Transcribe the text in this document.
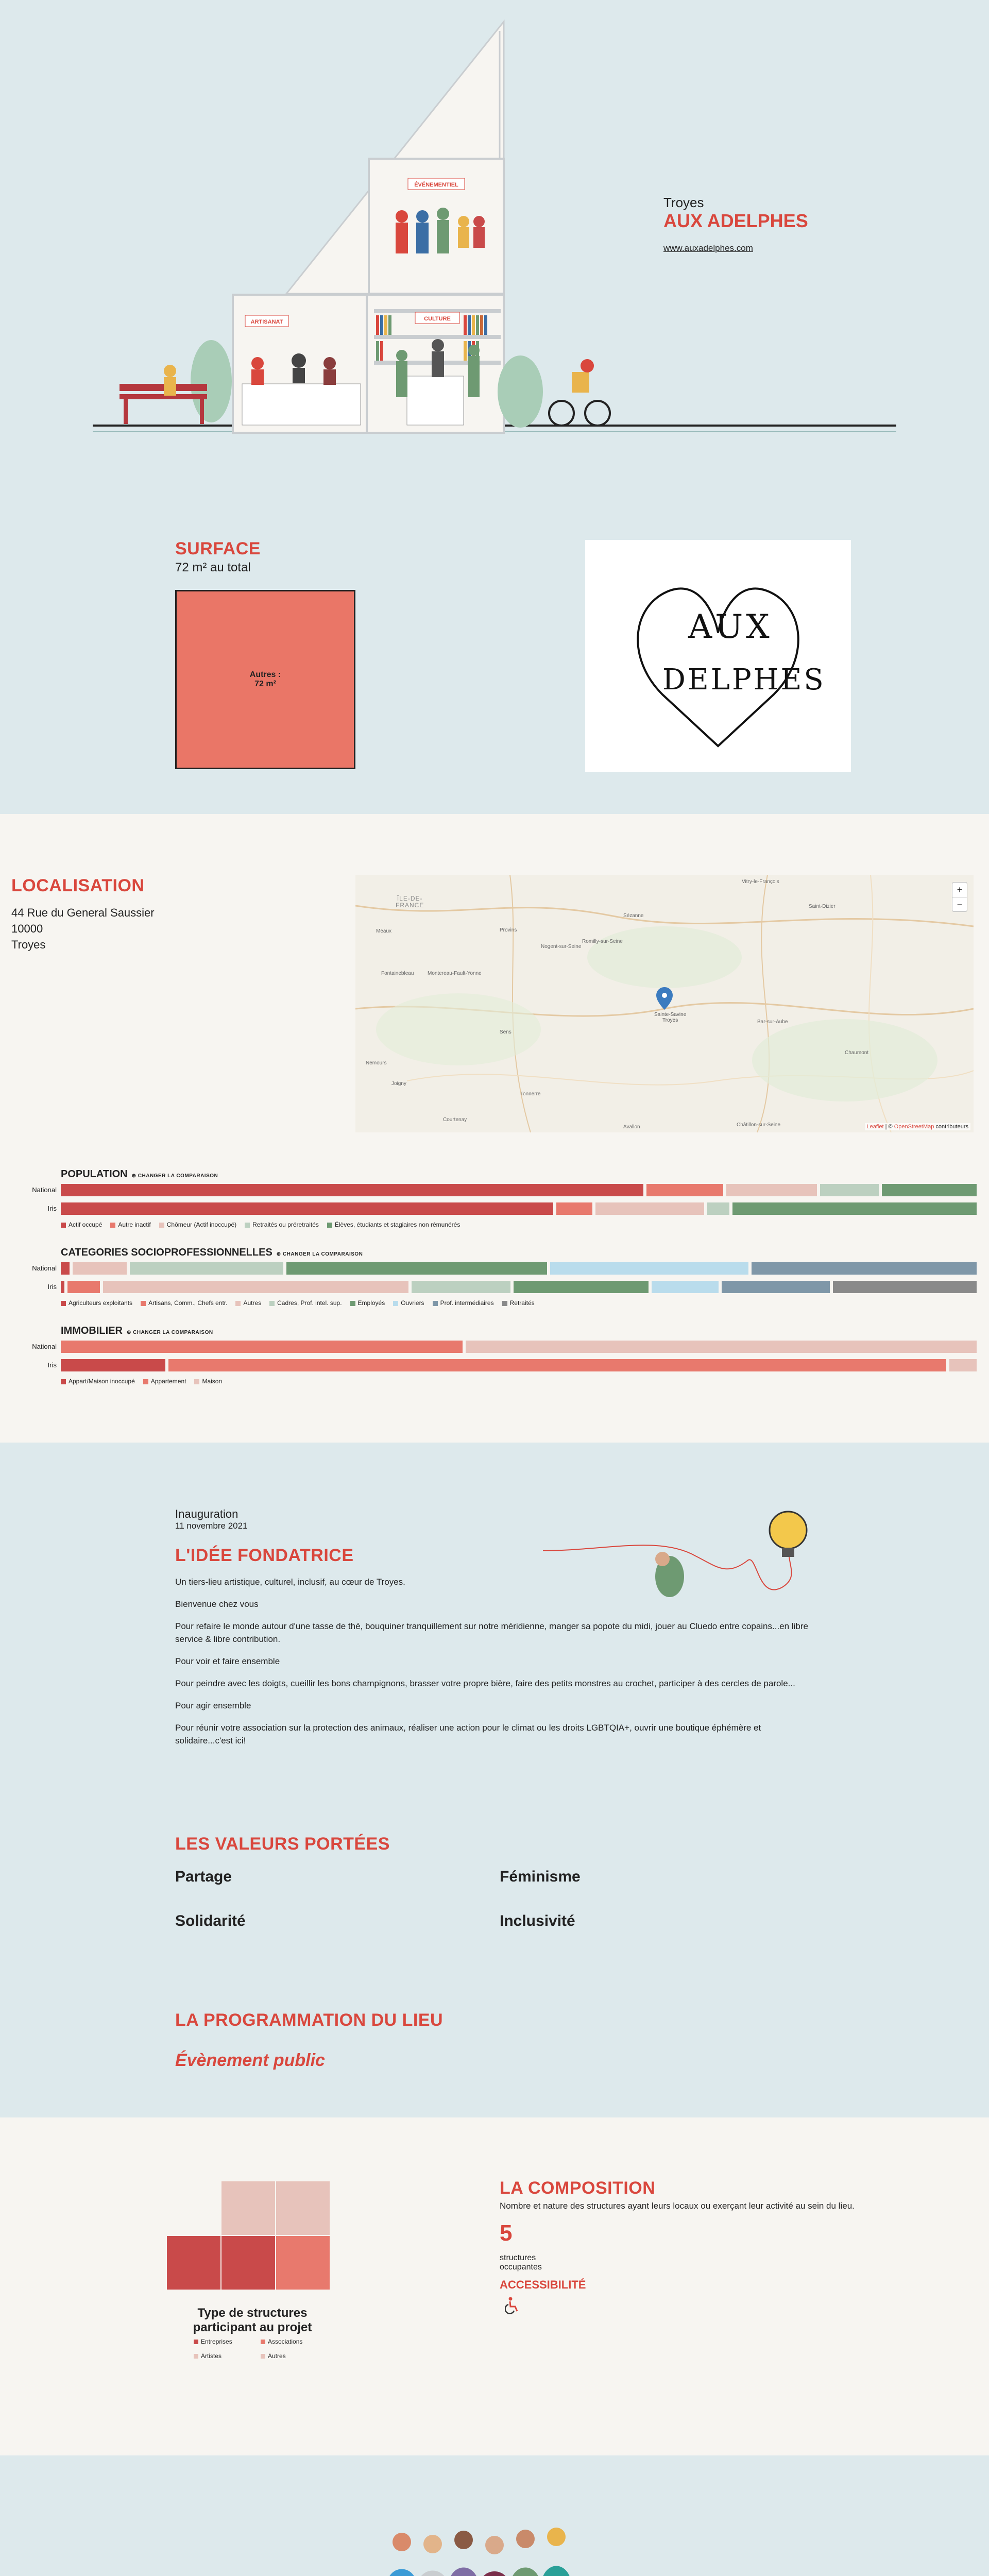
ÉVÉNEMENTIEL
ARTISANAT	CULTURE
Troyes
AUX ADELPHES
www.auxadelphes.com
SURFACE
72 m² au total
Autres :
72 m²
AUX
DELPHES
LOCALISATION
44 Rue du General Saussier
10000
Troyes
ÎLE-DE-
FRANCE
Sainte-Savine
Troyes
Vitry-le-François
Saint-Dizier
Provins
Romilly-sur-Seine
Nogent-sur-Seine
Fontainebleau	Montereau-Fault-Yonne
Sens
Bar-sur-Aube
Chaumont
Joigny
Tonnerre
Châtillon-sur-Seine
Nemours
Meaux
Sézanne
Courtenay
Avallon
+
−
Leaflet | © OpenStreetMap contributeurs
POPULATION ⊕ CHANGER LA COMPARAISON
National
Iris
Actif occupé	Autre inactif	Chômeur (Actif inoccupé)	Retraités ou préretraités	Élèves, étudiants et stagiaires non rémunérés
CATEGORIES SOCIOPROFESSIONNELLES ⊕ CHANGER LA COMPARAISON
National
Iris
Agriculteurs exploitants	Artisans, Comm., Chefs entr.	Autres	Cadres, Prof. intel. sup.	Employés	Ouvriers	Prof. intermédiaires	Retraités
IMMOBILIER ⊕ CHANGER LA COMPARAISON
National
Iris
Appart/Maison inoccupé	Appartement	Maison
Inauguration
11 novembre 2021
L'IDÉE FONDATRICE

Un tiers-lieu artistique, culturel, inclusif, au cœur de Troyes.

Bienvenue chez vous

Pour refaire le monde autour d'une tasse de thé, bouquiner tranquillement sur notre méridienne, manger sa popote du midi, jouer au Cluedo entre copains...en libre service & libre contribution.

Pour voir et faire ensemble

Pour peindre avec les doigts, cueillir les bons champignons, brasser votre propre bière, faire des petits monstres au crochet, participer à des cercles de parole...

Pour agir ensemble

Pour réunir votre association sur la protection des animaux, réaliser une action pour le climat ou les droits LGBTQIA+, ouvrir une boutique éphémère et solidaire...c'est ici!

LES VALEURS PORTÉES
Partage	Féminisme
Solidarité	Inclusivité
LA PROGRAMMATION DU LIEU
Évènement public
Type de structures participant au projet
Entreprises	Associations
Artistes	Autres
LA COMPOSITION
Nombre et nature des structures ayant leurs locaux ou exerçant leur activité au sein du lieu.
5
structures
occupantes
ACCESSIBILITÉ
